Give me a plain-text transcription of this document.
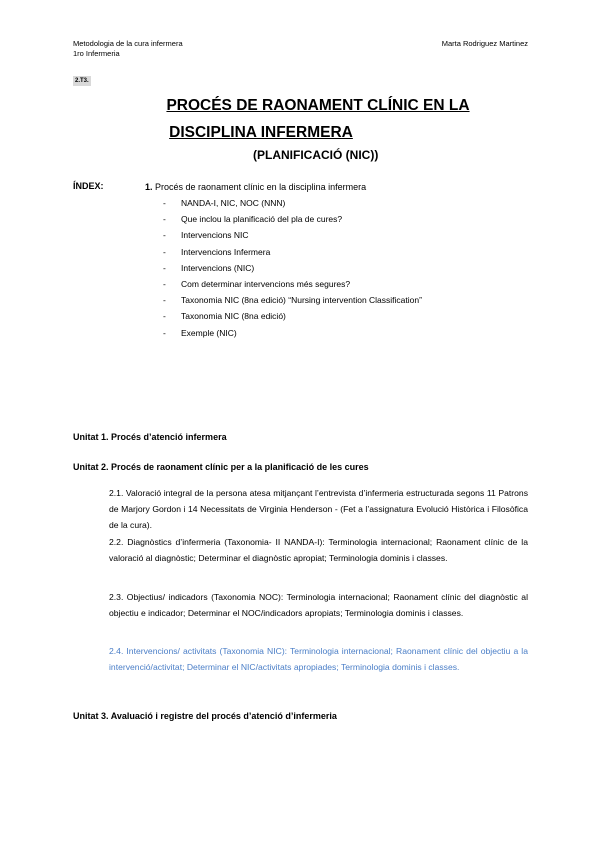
Metodologia de la cura infermera
1ro Infermeria
Marta Rodriguez Martinez
2.T3.
PROCÉS DE RAONAMENT CLÍNIC EN LA
DISCIPLINA INFERMERA
(PLANIFICACIÓ (NIC))
ÍNDEX:	1. Procés de raonament clínic en la disciplina infermera
- NANDA-I, NIC, NOC (NNN)
- Que inclou la planificació del pla de cures?
- Intervencions NIC
- Intervencions Infermera
- Intervencions (NIC)
- Com determinar intervencions més segures?
- Taxonomia NIC (8na edició) “Nursing intervention Classification”
- Taxonomia NIC (8na edició)
- Exemple (NIC)
Unitat 1. Procés d’atenció infermera
Unitat 2. Procés de raonament clínic per a la planificació de les cures
2.1. Valoració integral de la persona atesa mitjançant l’entrevista d’infermeria estructurada segons 11 Patrons de Marjory Gordon i 14 Necessitats de Virginia Henderson - (Fet a l’assignatura Evolució Històrica i Filosòfica de la cura).
2.2. Diagnòstics d’infermeria (Taxonomia- II NANDA-I): Terminologia internacional; Raonament clínic de la valoració al diagnòstic; Determinar el diagnòstic apropiat; Terminologia dominis i classes.
2.3. Objectius/ indicadors (Taxonomia NOC): Terminologia internacional; Raonament clínic del diagnòstic al objectiu e indicador; Determinar el NOC/indicadors apropiats; Terminologia dominis i classes.
2.4. Intervencions/ activitats (Taxonomia NIC): Terminologia internacional; Raonament clínic del objectiu a la intervenció/activitat; Determinar el NIC/activitats apropiades; Terminologia dominis i classes.
Unitat 3. Avaluació i registre del procés d’atenció d’infermeria
